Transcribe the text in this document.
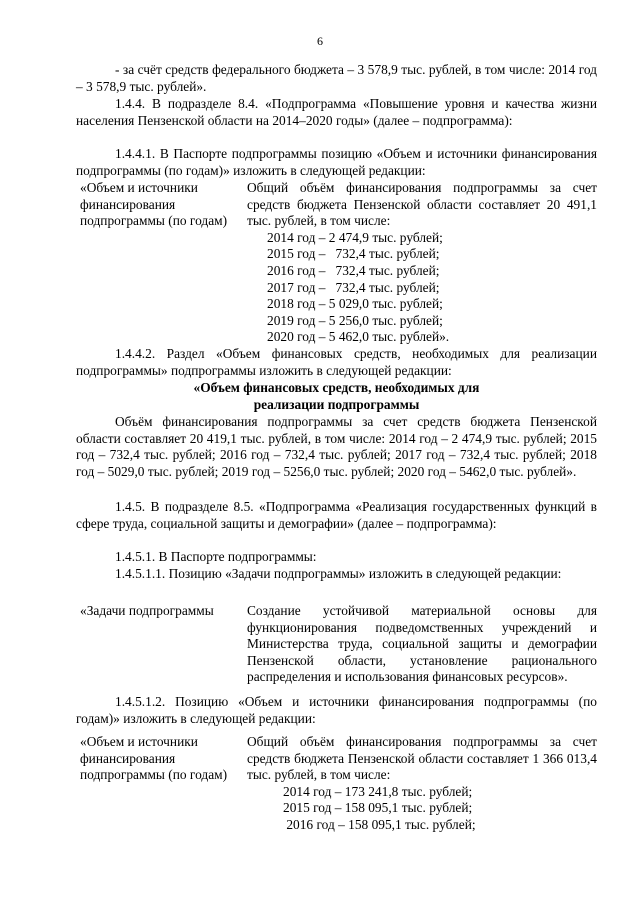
6
- за счёт средств федерального бюджета – 3 578,9 тыс. рублей, в том числе: 2014 год – 3 578,9 тыс. рублей».
1.4.4. В подразделе 8.4. «Подпрограмма «Повышение уровня и качества жизни населения Пензенской области на 2014–2020 годы» (далее – подпрограмма):
1.4.4.1. В Паспорте подпрограммы позицию «Объем и источники финансирования подпрограммы (по годам)» изложить в следующей редакции:
«Объем и источники финансирования подпрограммы (по годам)
Общий объём финансирования подпрограммы за счет средств бюджета Пензенской области составляет 20 491,1 тыс. рублей, в том числе:
2014 год – 2 474,9 тыс. рублей;
2015 год –   732,4 тыс. рублей;
2016 год –   732,4 тыс. рублей;
2017 год –   732,4 тыс. рублей;
2018 год – 5 029,0 тыс. рублей;
2019 год – 5 256,0 тыс. рублей;
2020 год – 5 462,0 тыс. рублей».
1.4.4.2. Раздел «Объем финансовых средств, необходимых для реализации подпрограммы» подпрограммы изложить в следующей редакции:
«Объем финансовых средств, необходимых для
реализации подпрограммы
Объём финансирования подпрограммы за счет средств бюджета Пензенской области составляет 20 419,1 тыс. рублей, в том числе: 2014 год – 2 474,9 тыс. рублей; 2015 год – 732,4 тыс. рублей; 2016 год – 732,4 тыс. рублей; 2017 год – 732,4 тыс. рублей; 2018 год – 5029,0 тыс. рублей; 2019 год – 5256,0 тыс. рублей; 2020 год – 5462,0 тыс. рублей».
1.4.5. В подразделе 8.5. «Подпрограмма «Реализация государственных функций в сфере труда, социальной защиты и демографии» (далее – подпрограмма):
1.4.5.1. В Паспорте подпрограммы:
1.4.5.1.1. Позицию «Задачи подпрограммы» изложить в следующей редакции:
«Задачи подпрограммы	Создание устойчивой материальной основы для функционирования подведомственных учреждений и Министерства труда, социальной защиты и демографии Пензенской области, установление рационального распределения и использования финансовых ресурсов».
1.4.5.1.2. Позицию «Объем и источники финансирования подпрограммы (по годам)» изложить в следующей редакции:
«Объем и источники финансирования подпрограммы (по годам)
Общий объём финансирования подпрограммы за счет средств бюджета Пензенской области составляет 1 366 013,4 тыс. рублей, в том числе:
2014 год – 173 241,8 тыс. рублей;
2015 год – 158 095,1 тыс. рублей;
2016 год – 158 095,1 тыс. рублей;
